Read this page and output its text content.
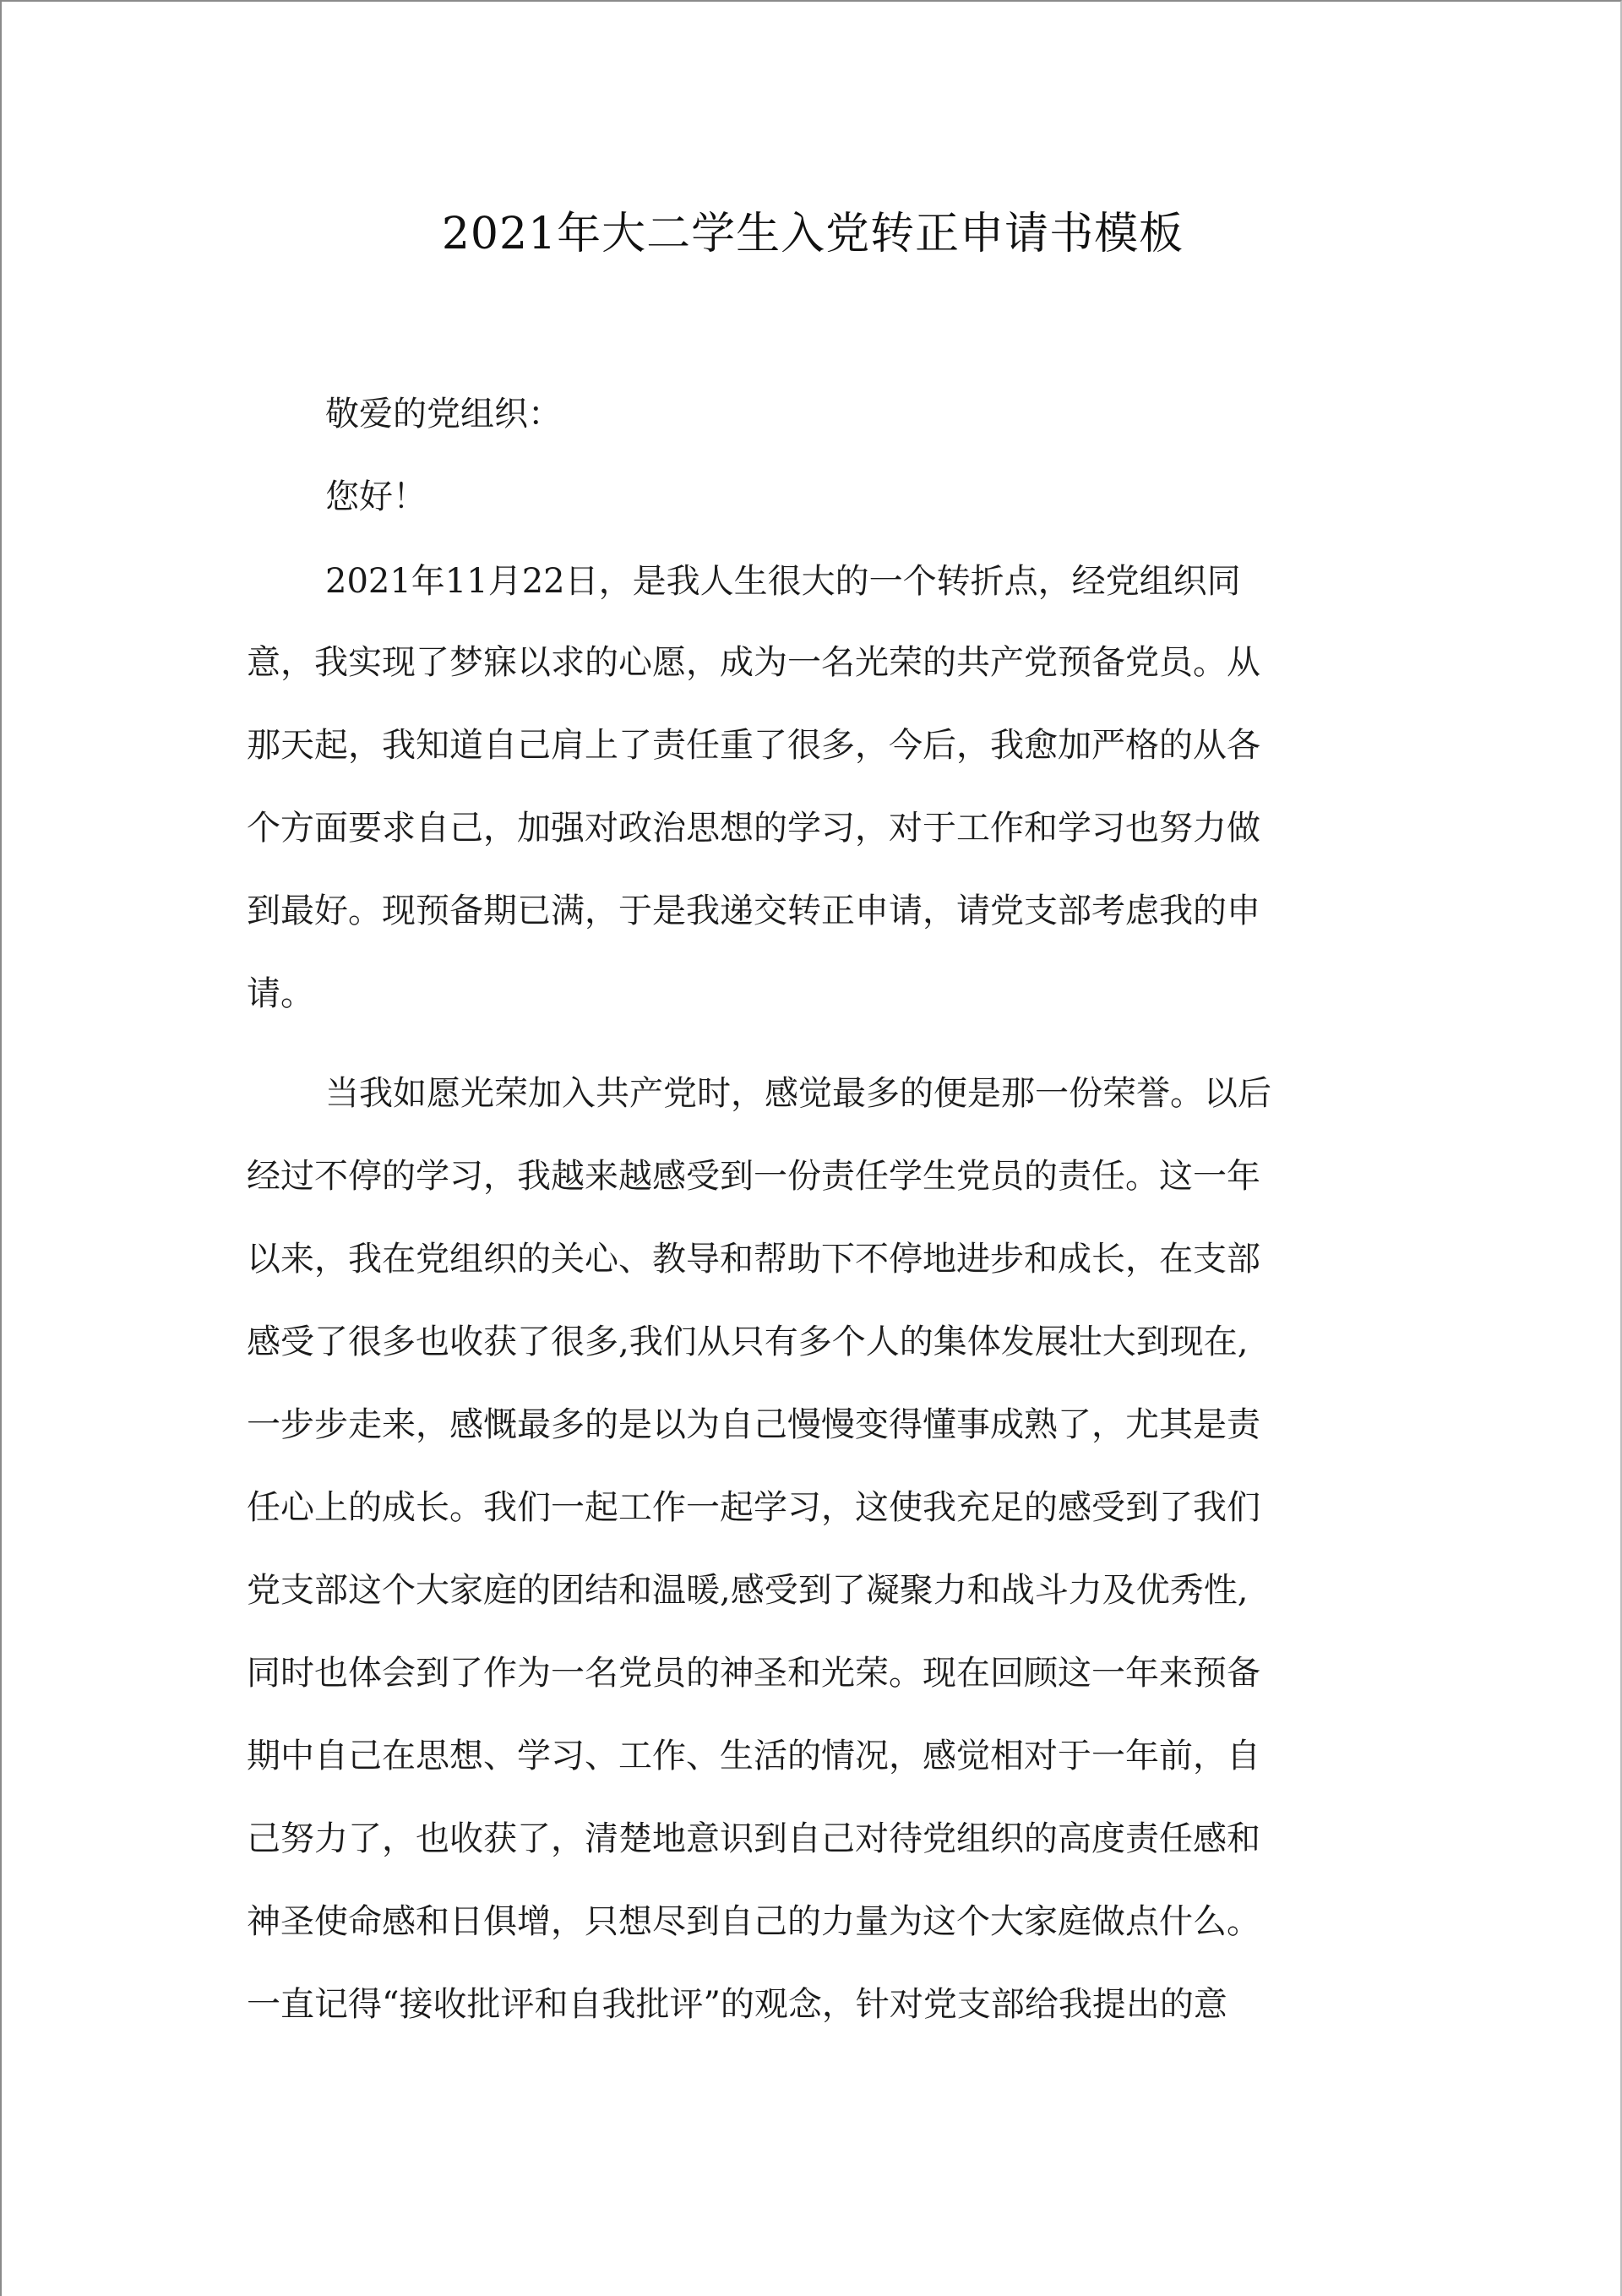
2021年大二学生入党转正申请书模板
敬爱的党组织：
您好！
2021年11月22日，是我人生很大的一个转折点，经党组织同
意，我实现了梦寐以求的心愿，成为一名光荣的共产党预备党员。从
那天起，我知道自己肩上了责任重了很多，今后，我愈加严格的从各
个方面要求自己，加强对政治思想的学习，对于工作和学习也努力做
到最好。现预备期已满，于是我递交转正申请，请党支部考虑我的申
请。
当我如愿光荣加入共产党时，感觉最多的便是那一份荣誉。以后
经过不停的学习，我越来越感受到一份责任学生党员的责任。这一年
以来，我在党组织的关心、教导和帮助下不停地进步和成长，在支部
感受了很多也收获了很多,我们从只有多个人的集体发展壮大到现在,
一步步走来，感慨最多的是以为自己慢慢变得懂事成熟了，尤其是责
任心上的成长。我们一起工作一起学习，这使我充足的感受到了我们
党支部这个大家庭的团结和温暖,感受到了凝聚力和战斗力及优秀性,
同时也体会到了作为一名党员的神圣和光荣。现在回顾这一年来预备
期中自己在思想、学习、工作、生活的情况，感觉相对于一年前，自
己努力了，也收获了，清楚地意识到自己对待党组织的高度责任感和
神圣使命感和日俱增，只想尽到自己的力量为这个大家庭做点什么。
一直记得“接收批评和自我批评”的观念，针对党支部给我提出的意
